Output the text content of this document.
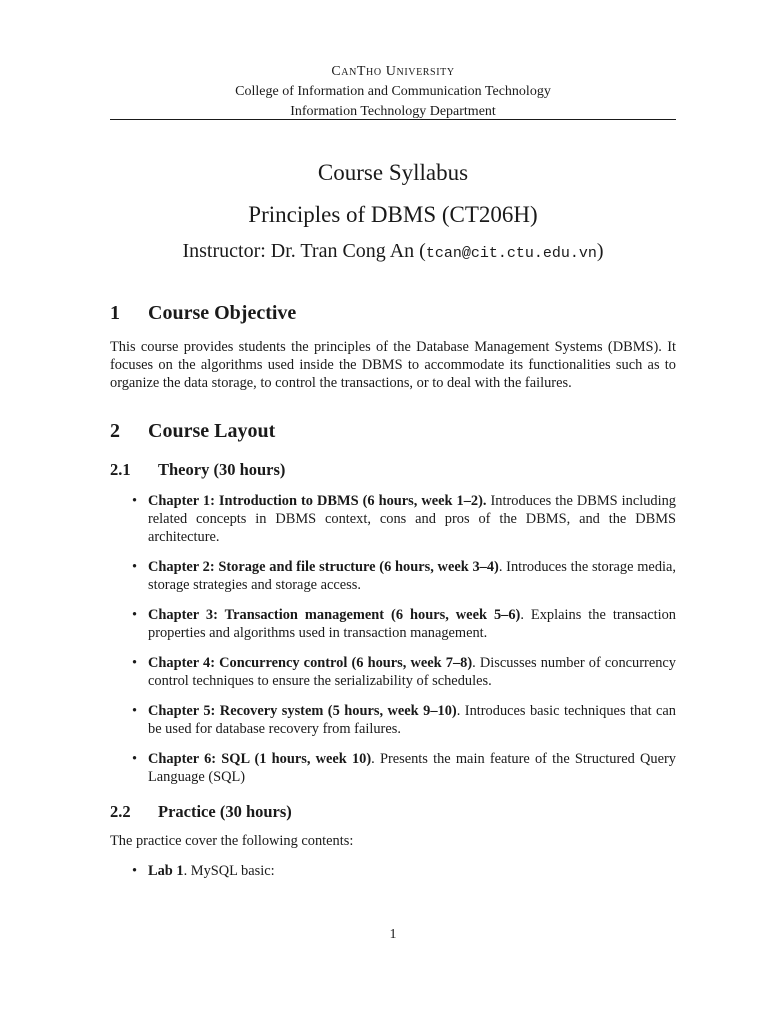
CanTho University
College of Information and Communication Technology
Information Technology Department
Course Syllabus
Principles of DBMS (CT206H)
Instructor: Dr. Tran Cong An (tcan@cit.ctu.edu.vn)
1	Course Objective

This course provides students the principles of the Database Management Systems (DBMS). It focuses on the algorithms used inside the DBMS to accommodate its functionalities such as to organize the data storage, to control the transactions, or to deal with the failures.

2	Course Layout
2.1	Theory (30 hours)
• Chapter 1: Introduction to DBMS (6 hours, week 1–2). Introduces the DBMS including related concepts in DBMS context, cons and pros of the DBMS, and the DBMS architecture.
• Chapter 2: Storage and file structure (6 hours, week 3–4). Introduces the storage media, storage strategies and storage access.
• Chapter 3: Transaction management (6 hours, week 5–6). Explains the transaction properties and algorithms used in transaction management.
• Chapter 4: Concurrency control (6 hours, week 7–8). Discusses number of concurrency control techniques to ensure the serializability of schedules.
• Chapter 5: Recovery system (5 hours, week 9–10). Introduces basic techniques that can be used for database recovery from failures.
• Chapter 6: SQL (1 hours, week 10). Presents the main feature of the Structured Query Language (SQL)
2.2	Practice (30 hours)

The practice cover the following contents:

• Lab 1. MySQL basic:
1
